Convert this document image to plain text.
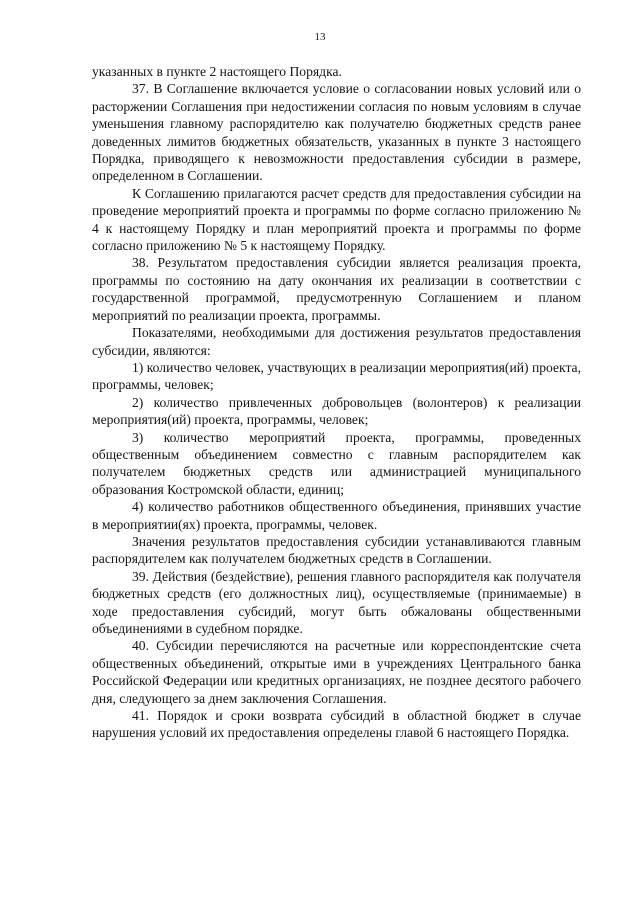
13

указанных в пункте 2 настоящего Порядка.

37. В Соглашение включается условие о согласовании новых условий или о расторжении Соглашения при недостижении согласия по новым условиям в случае уменьшения главному распорядителю как получателю бюджетных средств ранее доведенных лимитов бюджетных обязательств, указанных в пункте 3 настоящего Порядка, приводящего к невозможности предоставления субсидии в размере, определенном в Соглашении.

К Соглашению прилагаются расчет средств для предоставления субсидии на проведение мероприятий проекта и программы по форме согласно приложению № 4 к настоящему Порядку и план мероприятий проекта и программы по форме согласно приложению № 5 к настоящему Порядку.

38. Результатом предоставления субсидии является реализация проекта, программы по состоянию на дату окончания их реализации в соответствии с государственной программой, предусмотренную Соглашением и планом мероприятий по реализации проекта, программы.

Показателями, необходимыми для достижения результатов предоставления субсидии, являются:

1) количество человек, участвующих в реализации мероприятия(ий) проекта, программы, человек;

2) количество привлеченных добровольцев (волонтеров) к реализации мероприятия(ий) проекта, программы, человек;

3) количество мероприятий проекта, программы, проведенных общественным объединением совместно с главным распорядителем как получателем бюджетных средств или администрацией муниципального образования Костромской области, единиц;

4) количество работников общественного объединения, принявших участие в мероприятии(ях) проекта, программы, человек.

Значения результатов предоставления субсидии устанавливаются главным распорядителем как получателем бюджетных средств в Соглашении.

39. Действия (бездействие), решения главного распорядителя как получателя бюджетных средств (его должностных лиц), осуществляемые (принимаемые) в ходе предоставления субсидий, могут быть обжалованы общественными объединениями в судебном порядке.

40. Субсидии перечисляются на расчетные или корреспондентские счета общественных объединений, открытые ими в учреждениях Центрального банка Российской Федерации или кредитных организациях, не позднее десятого рабочего дня, следующего за днем заключения Соглашения.

41. Порядок и сроки возврата субсидий в областной бюджет в случае нарушения условий их предоставления определены главой 6 настоящего Порядка.
